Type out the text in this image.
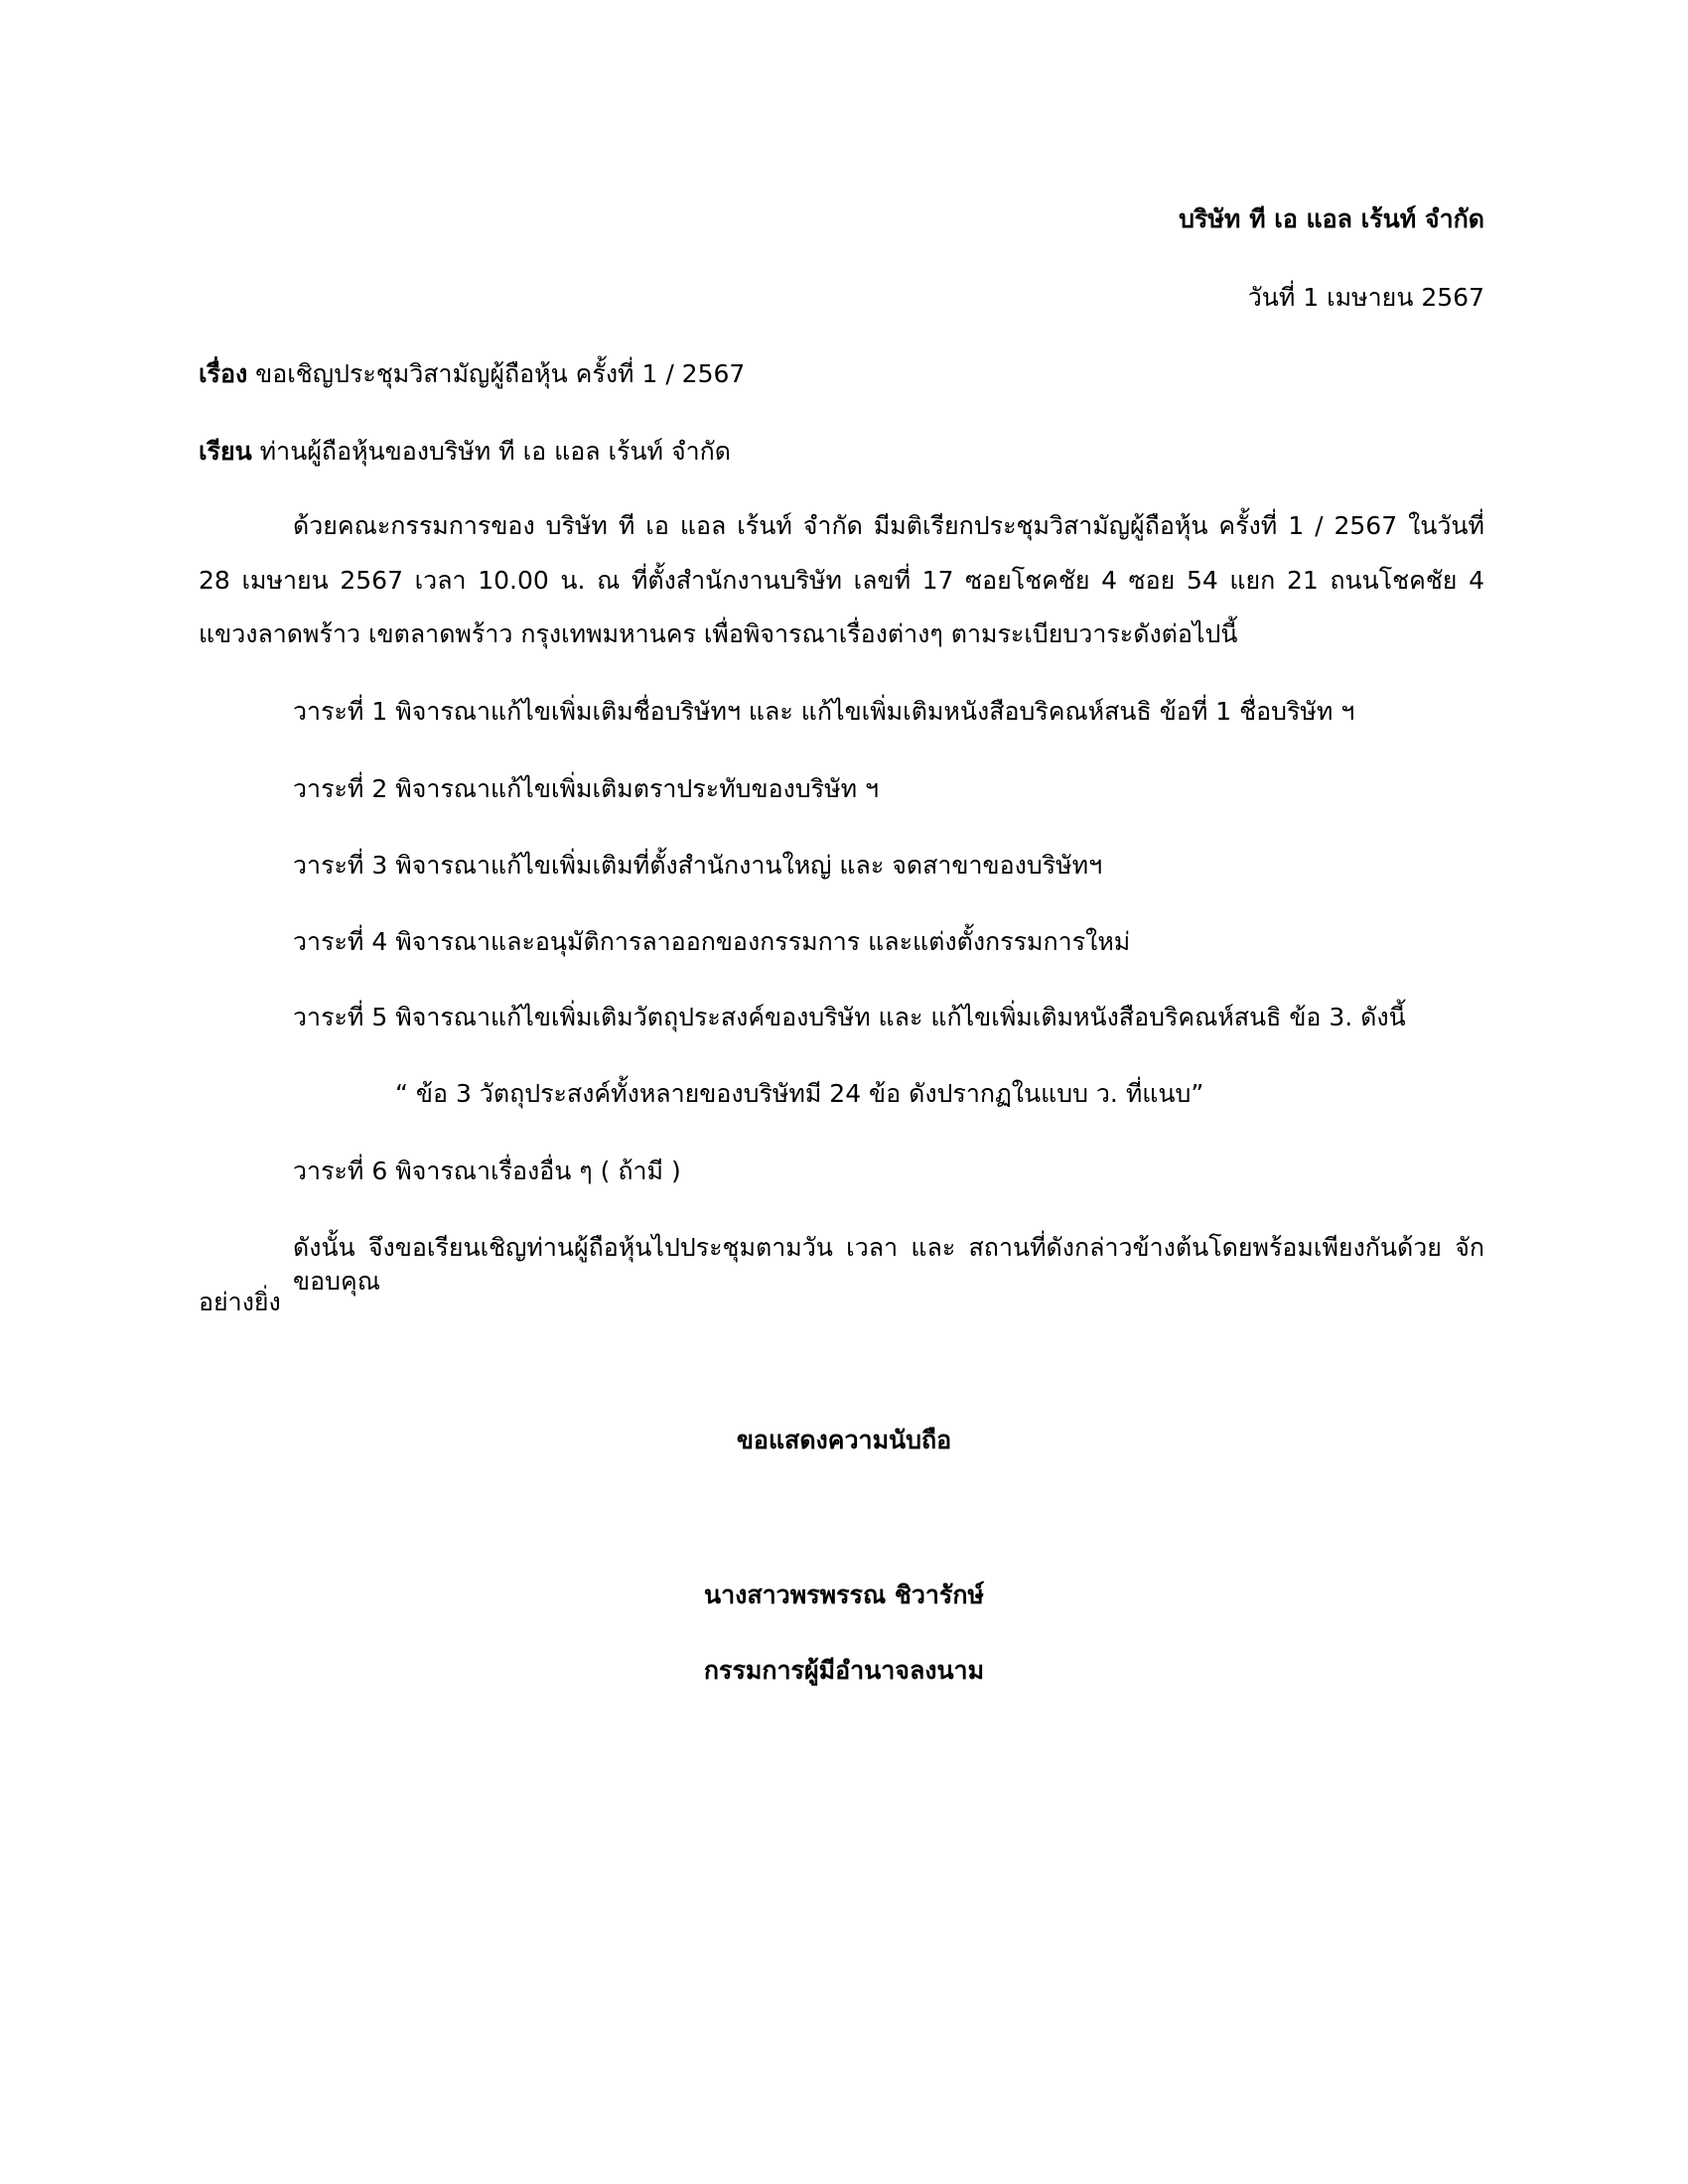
บริษัท ที เอ แอล เร้นท์ จำกัด
วันที่ 1 เมษายน 2567
เรื่อง ขอเชิญประชุมวิสามัญผู้ถือหุ้น ครั้งที่ 1 / 2567
เรียน ท่านผู้ถือหุ้นของบริษัท ที เอ แอล เร้นท์ จำกัด
ด้วยคณะกรรมการของ บริษัท ที เอ แอล เร้นท์ จำกัด มีมติเรียกประชุมวิสามัญผู้ถือหุ้น ครั้งที่ 1 / 2567 ในวันที่
28 เมษายน 2567 เวลา 10.00 น. ณ ที่ตั้งสำนักงานบริษัท เลขที่ 17 ซอยโชคชัย 4 ซอย 54 แยก 21 ถนนโชคชัย 4
แขวงลาดพร้าว เขตลาดพร้าว กรุงเทพมหานคร เพื่อพิจารณาเรื่องต่างๆ ตามระเบียบวาระดังต่อไปนี้
วาระที่ 1 พิจารณาแก้ไขเพิ่มเติมชื่อบริษัทฯ และ แก้ไขเพิ่มเติมหนังสือบริคณห์สนธิ ข้อที่ 1 ชื่อบริษัท ฯ
วาระที่ 2 พิจารณาแก้ไขเพิ่มเติมตราประทับของบริษัท ฯ
วาระที่ 3 พิจารณาแก้ไขเพิ่มเติมที่ตั้งสำนักงานใหญ่ และ จดสาขาของบริษัทฯ
วาระที่ 4 พิจารณาและอนุมัติการลาออกของกรรมการ และแต่งตั้งกรรมการใหม่
วาระที่ 5 พิจารณาแก้ไขเพิ่มเติมวัตถุประสงค์ของบริษัท และ แก้ไขเพิ่มเติมหนังสือบริคณห์สนธิ ข้อ 3. ดังนี้
“ ข้อ 3 วัตถุประสงค์ทั้งหลายของบริษัทมี 24 ข้อ ดังปรากฏในแบบ ว. ที่แนบ”
วาระที่ 6 พิจารณาเรื่องอื่น ๆ ( ถ้ามี )
ดังนั้น จึงขอเรียนเชิญท่านผู้ถือหุ้นไปประชุมตามวัน เวลา และ สถานที่ดังกล่าวข้างต้นโดยพร้อมเพียงกันด้วย จักขอบคุณ
อย่างยิ่ง
ขอแสดงความนับถือ
นางสาวพรพรรณ ชิวารักษ์
กรรมการผู้มีอำนาจลงนาม
